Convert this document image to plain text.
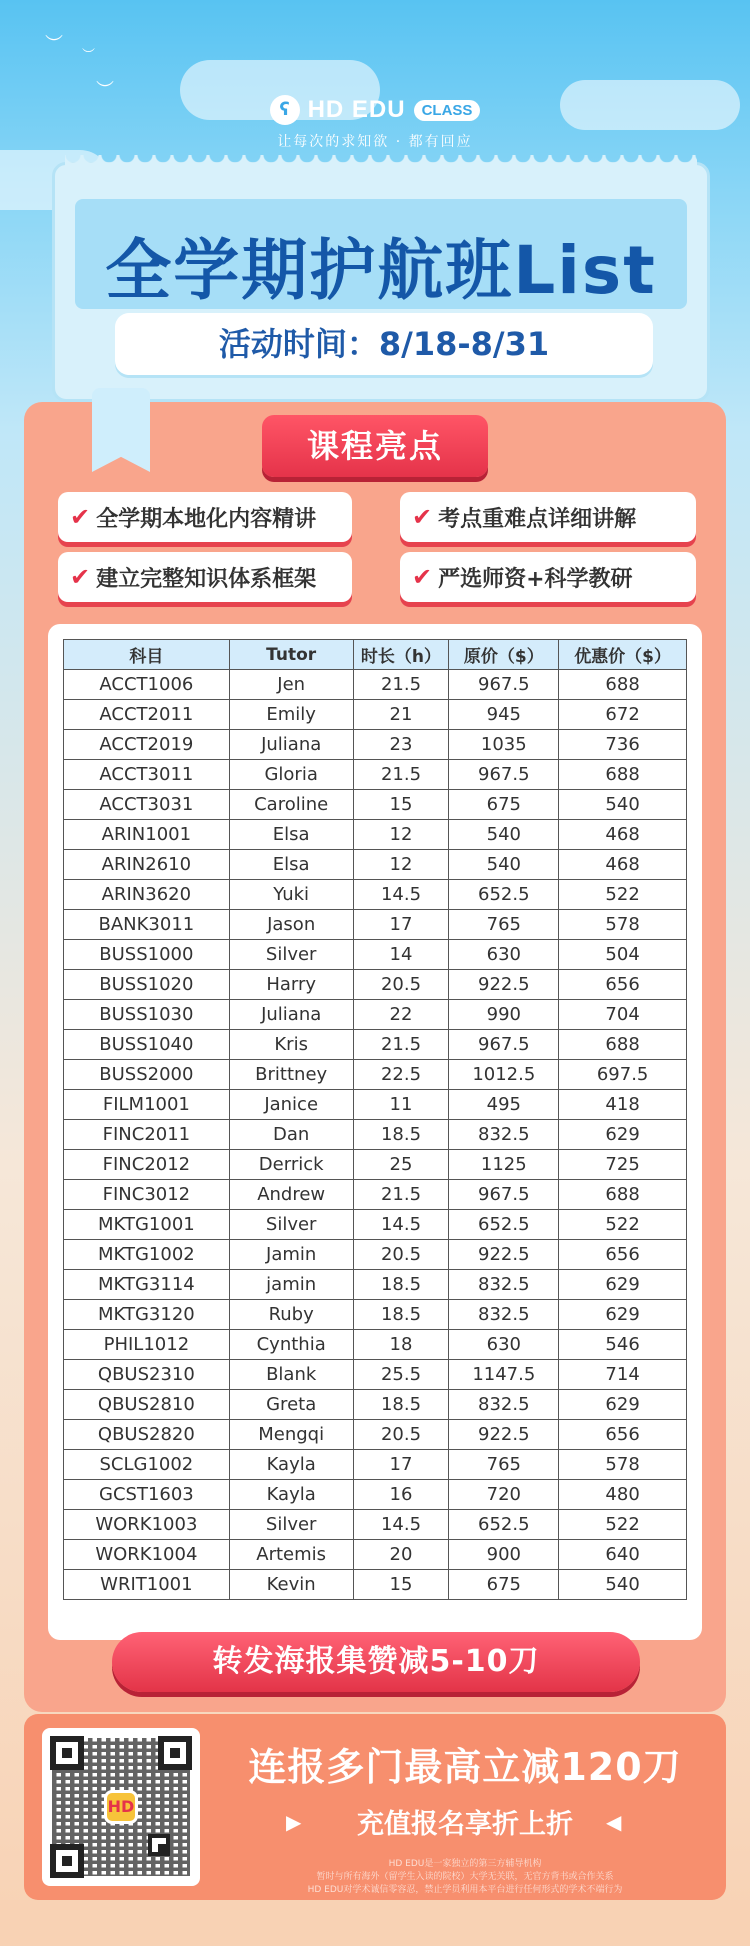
︶
︶
︶
ʕ HD EDU	CLASS
让每次的求知欲 · 都有回应
全学期护航班List
活动时间：8/18-8/31
课程亮点
✔ 全学期本地化内容精讲	✔ 考点重难点详细讲解
✔ 建立完整知识体系框架	✔ 严选师资+科学教研
科目	Tutor	时长（h）	原价（$）	优惠价（$）
ACCT1006	Jen	21.5	967.5	688
ACCT2011	Emily	21	945	672
ACCT2019	Juliana	23	1035	736
ACCT3011	Gloria	21.5	967.5	688
ACCT3031	Caroline	15	675	540
ARIN1001	Elsa	12	540	468
ARIN2610	Elsa	12	540	468
ARIN3620	Yuki	14.5	652.5	522
BANK3011	Jason	17	765	578
BUSS1000	Silver	14	630	504
BUSS1020	Harry	20.5	922.5	656
BUSS1030	Juliana	22	990	704
BUSS1040	Kris	21.5	967.5	688
BUSS2000	Brittney	22.5	1012.5	697.5
FILM1001	Janice	11	495	418
FINC2011	Dan	18.5	832.5	629
FINC2012	Derrick	25	1125	725
FINC3012	Andrew	21.5	967.5	688
MKTG1001	Silver	14.5	652.5	522
MKTG1002	Jamin	20.5	922.5	656
MKTG3114	jamin	18.5	832.5	629
MKTG3120	Ruby	18.5	832.5	629
PHIL1012	Cynthia	18	630	546
QBUS2310	Blank	25.5	1147.5	714
QBUS2810	Greta	18.5	832.5	629
QBUS2820	Mengqi	20.5	922.5	656
SCLG1002	Kayla	17	765	578
GCST1603	Kayla	16	720	480
WORK1003	Silver	14.5	652.5	522
WORK1004	Artemis	20	900	640
WRIT1001	Kevin	15	675	540
转发海报集赞减5-10刀
HD
连报多门最高立减120刀
▶	充值报名享折上折	◀
HD EDU是一家独立的第三方辅导机构
暂时与所有海外（留学生入读的院校）大学无关联，无官方背书或合作关系
HD EDU对学术诚信零容忍，禁止学员利用本平台进行任何形式的学术不端行为
